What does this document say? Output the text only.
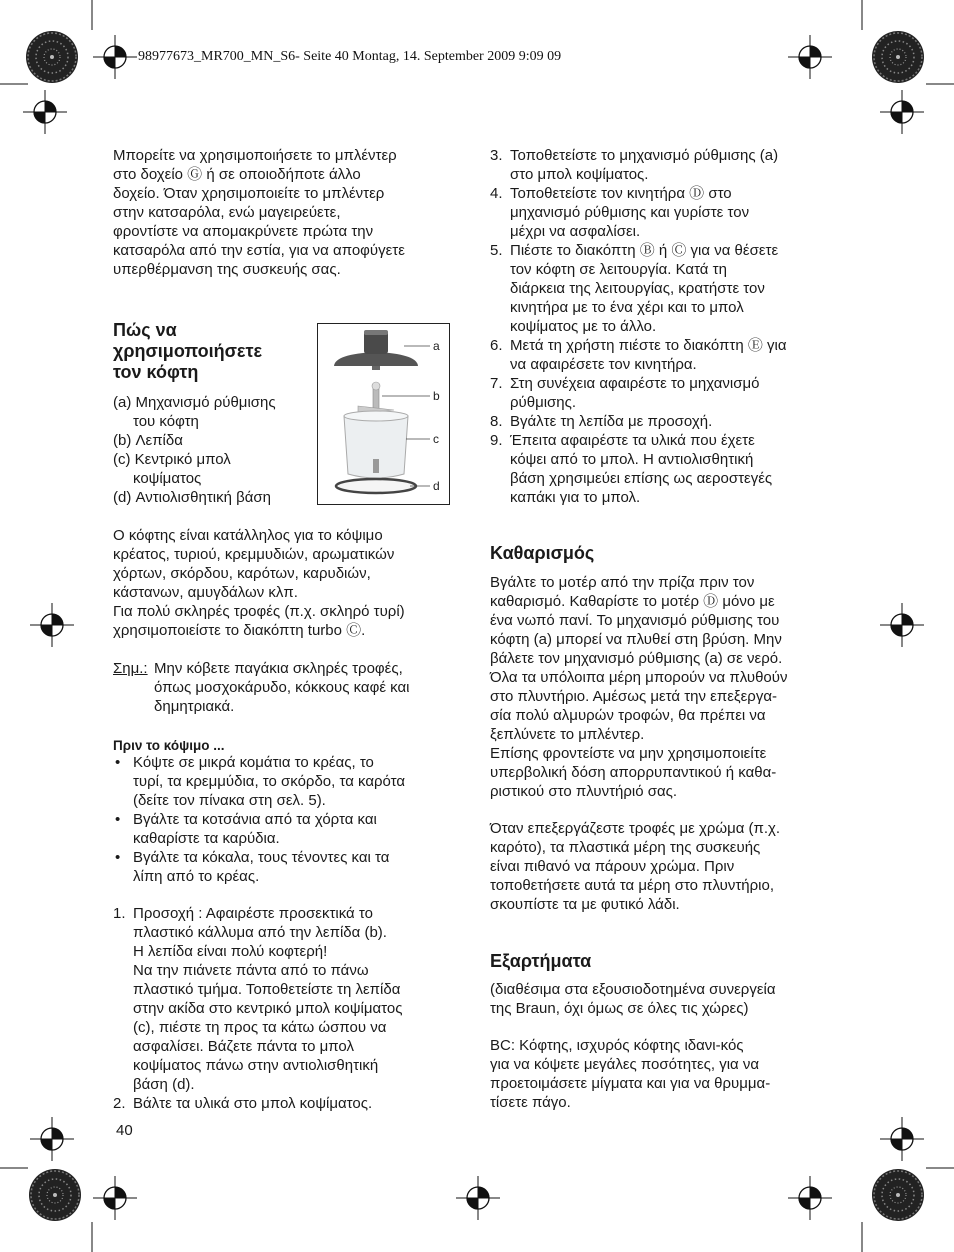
98977673_MR700_MN_S6- Seite 40 Montag, 14. September 2009 9:09 09

Μπορείτε να χρησιμοποιήσετε το μπλέντερ
στο δοχείο Ⓖ ή σε οποιοδήποτε άλλο
δοχείο. Όταν χρησιμοποιείτε το μπλέντερ
στην κατσαρόλα, ενώ μαγειρεύετε,
φροντίστε να απομακρύνετε πρώτα την
κατσαρόλα από την εστία, για να αποφύγετε
υπερθέρμανση της συσκευής σας.

Πώς να
χρησιμοποιήσετε
τον κόφτη
(a) Μηχανισμό ρύθμισης
του κόφτη
(b) Λεπίδα
(c) Κεντρικό μπολ
κοψίματος
(d) Αντιολισθητική βάση
a
b
c
d
Ο κόφτης είναι κατάλληλος για το κόψιμο
κρέατος, τυριού, κρεμμυδιών, αρωματικών
χόρτων, σκόρδου, καρότων, καρυδιών,
κάστανων, αμυγδάλων κλπ.
Για πολύ σκληρές τροφές (π.χ. σκληρό τυρί)
χρησιμοποιείστε το διακόπτη turbo Ⓒ.
Σημ.: Μην κόβετε παγάκια σκληρές τροφές,
όπως μοσχοκάρυδο, κόκκους καφέ και
δημητριακά.
Πριν το κόψιμο ...
• Κόψτε σε μικρά κομάτια το κρέας, το
τυρί, τα κρεμμύδια, το σκόρδο, τα καρότα
(δείτε τον πίνακα στη σελ. 5).
• Βγάλτε τα κοτσάνια από τα χόρτα και
καθαρίστε τα καρύδια.
• Βγάλτε τα κόκαλα, τους τένοντες και τα
λίπη από το κρέας.
1. Προσοχή : Αφαιρέστε προσεκτικά το
πλαστικό κάλλυμα από την λεπίδα (b).
Η λεπίδα είναι πολύ κοφτερή!
Να την πιάνετε πάντα από το πάνω
πλαστικό τμήμα. Τοποθετείστε τη λεπίδα
στην ακίδα στο κεντρικό μπολ κοψίματος
(c), πιέστε τη προς τα κάτω ώσπου να
ασφαλίσει. Βάζετε πάντα το μπολ
κοψίματος πάνω στην αντιολισθητική
βάση (d).
2. Βάλτε τα υλικά στο μπολ κοψίματος.
40
3. Τοποθετείστε το μηχανισμό ρύθμισης (a)
στο μπολ κοψίματος.
4. Τοποθετείστε τον κινητήρα Ⓓ στο
μηχανισμό ρύθμισης και γυρίστε τον
μέχρι να ασφαλίσει.
5. Πιέστε το διακόπτη Ⓑ ή Ⓒ για να θέσετε
τον κόφτη σε λειτουργία. Κατά τη
διάρκεια της λειτουργίας, κρατήστε τον
κινητήρα με το ένα χέρι και το μπολ
κοψίματος με το άλλο.
6. Μετά τη χρήστη πιέστε το διακόπτη Ⓔ για
να αφαιρέσετε τον κινητήρα.
7. Στη συνέχεια αφαιρέστε το μηχανισμό
ρύθμισης.
8. Βγάλτε τη λεπίδα με προσοχή.
9. Έπειτα αφαιρέστε τα υλικά που έχετε
κόψει από το μπολ. Η αντιολισθητική
βάση χρησιμεύει επίσης ως αεροστεγές
καπάκι για το μπολ.
Καθαρισμός
Βγάλτε το μοτέρ από την πρίζα πριν τον
καθαρισμό. Καθαρίστε το μοτέρ Ⓓ μόνο με
ένα νωπό πανί. Το μηχανισμό ρύθμισης του
κόφτη (a) μπορεί να πλυθεί στη βρύση. Μην
βάλετε τον μηχανισμό ρύθμισης (a) σε νερό.
Όλα τα υπόλοιπα μέρη μπορούν να πλυθούν
στο πλυντήριο. Αμέσως μετά την επεξεργα-
σία πολύ αλμυρών τροφών, θα πρέπει να
ξεπλύνετε το μπλέντερ.
Επίσης φροντείστε να μην χρησιμοποιείτε
υπερβολική δόση απορρυπαντικού ή καθα-
ριστικού στο πλυντήριό σας.
Όταν επεξεργάζεστε τροφές με χρώμα (π.χ.
καρότο), τα πλαστικά μέρη της συσκευής
είναι πιθανό να πάρουν χρώμα. Πριν
τοποθετήσετε αυτά τα μέρη στο πλυντήριο,
σκουπίστε τα με φυτικό λάδι.
Εξαρτήματα
(διαθέσιμα στα εξουσιοδοτημένα συνεργεία
της Braun, όχι όμως σε όλες τις χώρες)
BC: Κόφτης, ισχυρός κόφτης ιδανι-κός
για να κόψετε μεγάλες ποσότητες, για να
προετοιμάσετε μίγματα και για να θρυμμα-
τίσετε πάγο.
